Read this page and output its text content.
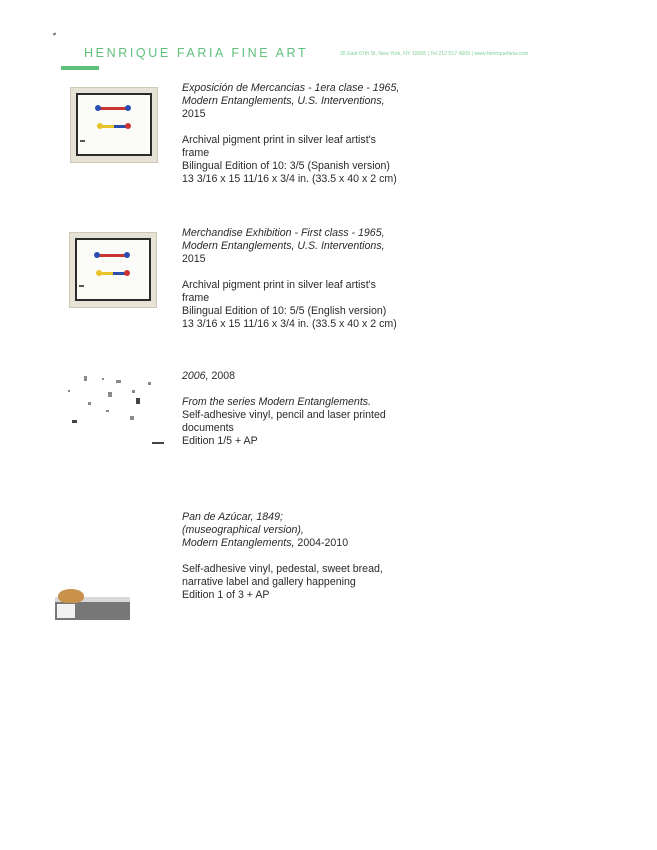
HENRIQUE FARIA FINE ART	35 East 67th St, New York, NY 10065 | Tel 212 517 4609 | www.henriquefaria.com

Exposición de Mercancias - 1era clase - 1965,

Modern Entanglements, U.S. Interventions,

2015

Archival pigment print in silver leaf artist's

frame

Bilingual Edition of 10: 3/5 (Spanish version)

13 3/16 x 15 11/16 x 3/4 in. (33.5 x 40 x 2 cm)

Merchandise Exhibition - First class - 1965,

Modern Entanglements, U.S. Interventions,

2015

Archival pigment print in silver leaf artist's

frame

Bilingual Edition of 10: 5/5 (English version)

13 3/16 x 15 11/16 x 3/4 in. (33.5 x 40 x 2 cm)

2006, 2008

From the series Modern Entanglements.

Self-adhesive vinyl, pencil and laser printed

documents

Edition 1/5 + AP

Pan de Azúcar, 1849;

(museographical version),

Modern Entanglements, 2004-2010

Self-adhesive vinyl, pedestal, sweet bread,

narrative label and gallery happening

Edition 1 of 3 + AP
